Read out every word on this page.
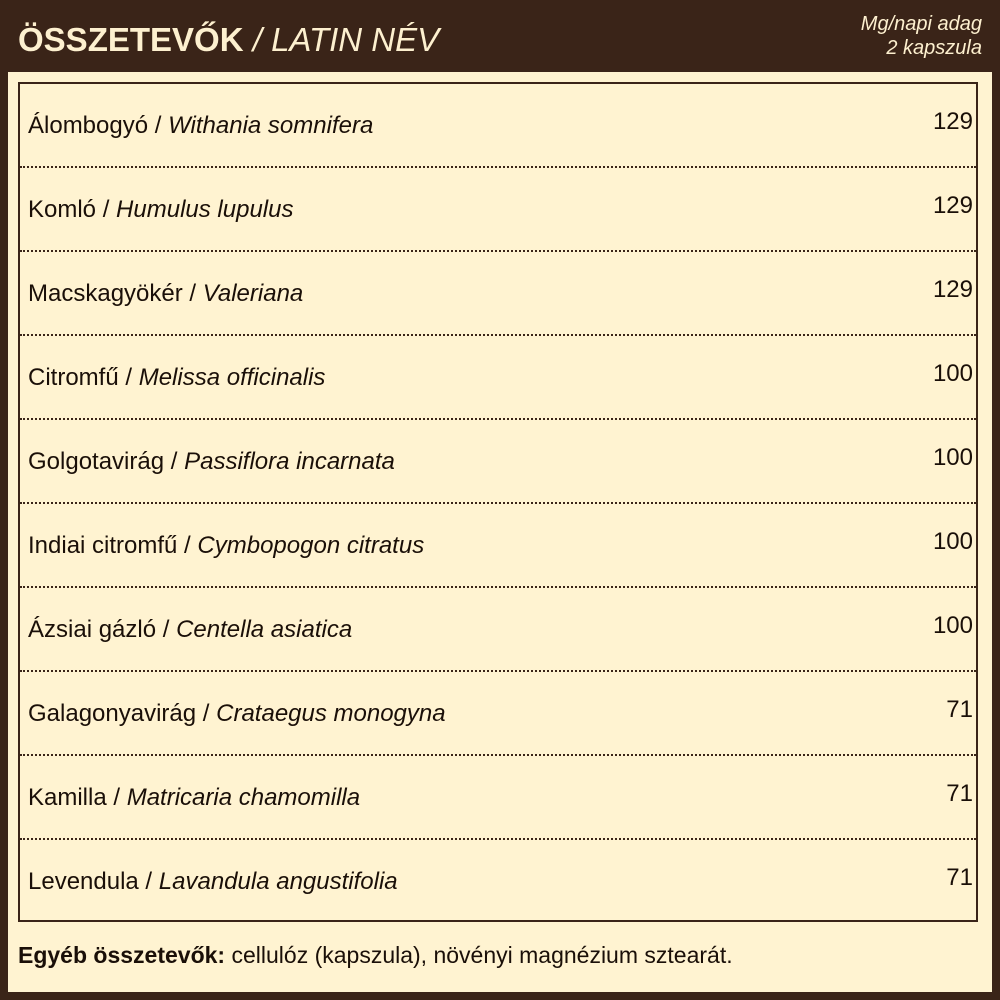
ÖSSZETEVŐK / LATIN NÉV	Mg/napi adag
2 kapszula
Álombogyó / Withania somnifera	129
Komló / Humulus lupulus	129
Macskagyökér / Valeriana	129
Citromfű / Melissa officinalis	100
Golgotavirág / Passiflora incarnata	100
Indiai citromfű / Cymbopogon citratus	100
Ázsiai gázló / Centella asiatica	100
Galagonyavirág / Crataegus monogyna	71
Kamilla / Matricaria chamomilla	71
Levendula / Lavandula angustifolia	71
Egyéb összetevők: cellulóz (kapszula), növényi magnézium sztearát.
